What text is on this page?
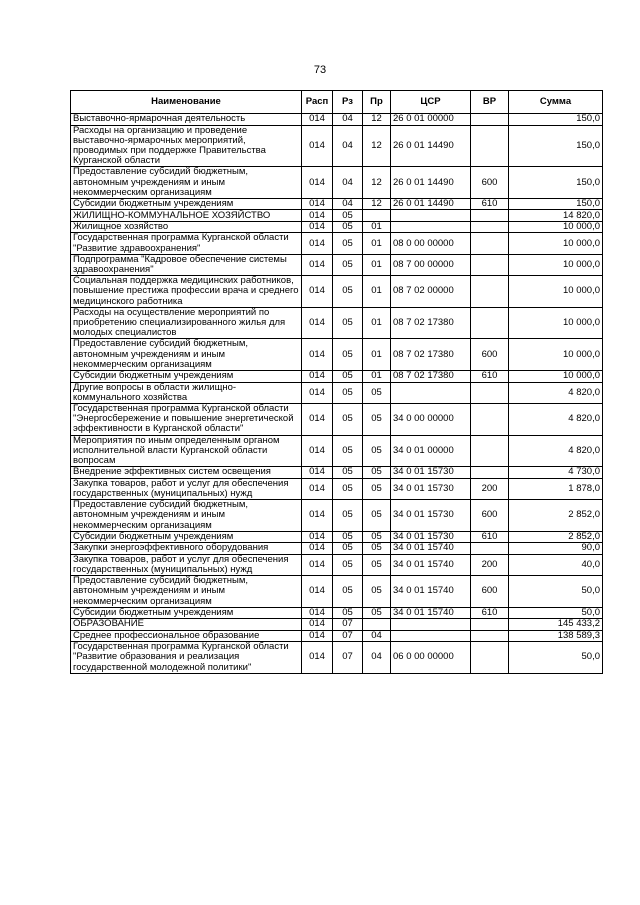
73
Наименование	Расп	Рз	Пр	ЦСР	ВР	Сумма
Выставочно-ярмарочная деятельность	014	04	12	26 0 01 00000		150,0
Расходы на организацию и проведение выставочно-ярмарочных мероприятий, проводимых при поддержке Правительства Курганской области	014	04	12	26 0 01 14490		150,0
Предоставление субсидий бюджетным, автономным учреждениям и иным некоммерческим организациям	014	04	12	26 0 01 14490	600	150,0
Субсидии бюджетным учреждениям	014	04	12	26 0 01 14490	610	150,0
ЖИЛИЩНО-КОММУНАЛЬНОЕ ХОЗЯЙСТВО	014	05				14 820,0
Жилищное хозяйство	014	05	01			10 000,0
Государственная программа Курганской области "Развитие здравоохранения"	014	05	01	08 0 00 00000		10 000,0
Подпрограмма "Кадровое обеспечение системы здравоохранения"	014	05	01	08 7 00 00000		10 000,0
Социальная поддержка медицинских работников, повышение престижа профессии врача и среднего медицинского работника	014	05	01	08 7 02 00000		10 000,0
Расходы на осуществление мероприятий по приобретению специализированного жилья для молодых специалистов	014	05	01	08 7 02 17380		10 000,0
Предоставление субсидий бюджетным, автономным учреждениям и иным некоммерческим организациям	014	05	01	08 7 02 17380	600	10 000,0
Субсидии бюджетным учреждениям	014	05	01	08 7 02 17380	610	10 000,0
Другие вопросы в области жилищно-коммунального хозяйства	014	05	05			4 820,0
Государственная программа Курганской области "Энергосбережение и повышение энергетической эффективности в Курганской области"	014	05	05	34 0 00 00000		4 820,0
Мероприятия по иным определенным органом исполнительной власти Курганской области вопросам	014	05	05	34 0 01 00000		4 820,0
Внедрение эффективных систем освещения	014	05	05	34 0 01 15730		4 730,0
Закупка товаров, работ и услуг для обеспечения государственных (муниципальных) нужд	014	05	05	34 0 01 15730	200	1 878,0
Предоставление субсидий бюджетным, автономным учреждениям и иным некоммерческим организациям	014	05	05	34 0 01 15730	600	2 852,0
Субсидии бюджетным учреждениям	014	05	05	34 0 01 15730	610	2 852,0
Закупки энергоэффективного оборудования	014	05	05	34 0 01 15740		90,0
Закупка товаров, работ и услуг для обеспечения государственных (муниципальных) нужд	014	05	05	34 0 01 15740	200	40,0
Предоставление субсидий бюджетным, автономным учреждениям и иным некоммерческим организациям	014	05	05	34 0 01 15740	600	50,0
Субсидии бюджетным учреждениям	014	05	05	34 0 01 15740	610	50,0
ОБРАЗОВАНИЕ	014	07				145 433,2
Среднее профессиональное образование	014	07	04			138 589,3
Государственная программа Курганской области "Развитие образования и реализация государственной молодежной политики"	014	07	04	06 0 00 00000		50,0
